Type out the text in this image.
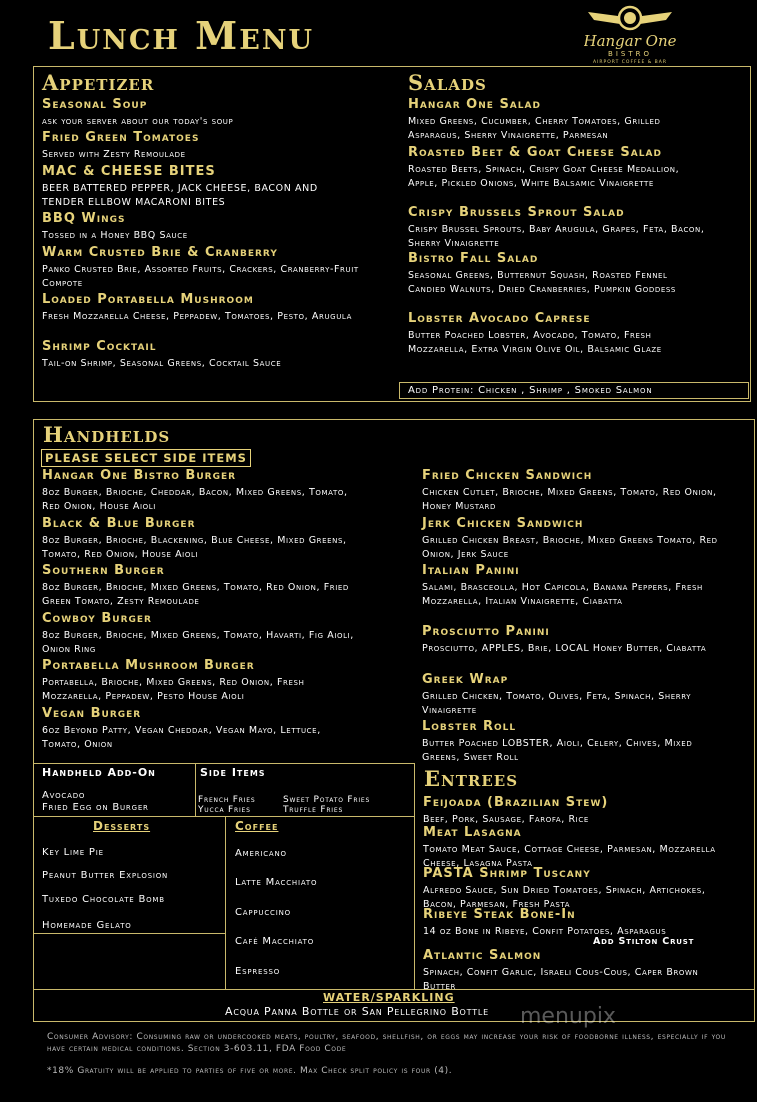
Lunch Menu	Hangar One
BISTRO
AIRPORT COFFEE & BAR
Appetizer
Seasonal Soup
ask your server about our today's soup
Fried Green Tomatoes
Served with Zesty Remoulade
MAC & CHEESE BITES
BEER BATTERED PEPPER, JACK CHEESE, BACON AND TENDER ELLBOW MACARONI BITES
BBQ Wings
Tossed in a Honey BBQ Sauce
Warm Crusted Brie & Cranberry
Panko Crusted Brie, Assorted Fruits, Crackers, Cranberry-Fruit Compote
Loaded Portabella Mushroom
Fresh Mozzarella Cheese, Peppadew, Tomatoes, Pesto, Arugula
Shrimp Cocktail
Tail-on Shrimp, Seasonal Greens, Cocktail Sauce
Salads
Hangar One Salad
Mixed Greens, Cucumber, Cherry Tomatoes, Grilled Asparagus, Sherry Vinaigrette, Parmesan
Roasted Beet & Goat Cheese Salad
Roasted Beets, Spinach, Crispy Goat Cheese Medallion, Apple, Pickled Onions, White Balsamic Vinaigrette
Crispy Brussels Sprout Salad
Crispy Brussel Sprouts, Baby Arugula, Grapes, Feta, Bacon, Sherry Vinaigrette
Bistro Fall Salad
Seasonal Greens, Butternut Squash, Roasted Fennel Candied Walnuts, Dried Cranberries, Pumpkin Goddess
Lobster Avocado Caprese
Butter Poached Lobster, Avocado, Tomato, Fresh Mozzarella, Extra Virgin Olive Oil, Balsamic Glaze
Add Protein: Chicken , Shrimp , Smoked Salmon
Handhelds
PLEASE SELECT SIDE ITEMS
Hangar One Bistro Burger
8oz Burger, Brioche, Cheddar, Bacon, Mixed Greens, Tomato, Red Onion, House Aioli
Black & Blue Burger
8oz Burger, Brioche, Blackening, Blue Cheese, Mixed Greens, Tomato, Red Onion, House Aioli
Southern Burger
8oz Burger, Brioche, Mixed Greens, Tomato, Red Onion, Fried Green Tomato, Zesty Remoulade
Cowboy Burger
8oz Burger, Brioche, Mixed Greens, Tomato, Havarti, Fig Aioli, Onion Ring
Portabella Mushroom Burger
Portabella, Brioche, Mixed Greens, Red Onion, Fresh Mozzarella, Peppadew, Pesto House Aioli
Vegan Burger
6oz Beyond Patty, Vegan Cheddar, Vegan Mayo, Lettuce, Tomato, Onion
Fried Chicken Sandwich
Chicken Cutlet, Brioche, Mixed Greens, Tomato, Red Onion, Honey Mustard
Jerk Chicken Sandwich
Grilled Chicken Breast, Brioche, Mixed Greens Tomato, Red Onion, Jerk Sauce
Italian Panini
Salami, Brasceolla, Hot Capicola, Banana Peppers, Fresh Mozzarella, Italian Vinaigrette, Ciabatta
Prosciutto Panini
Prosciutto, APPLES, Brie, LOCAL Honey Butter, Ciabatta
Greek Wrap
Grilled Chicken, Tomato, Olives, Feta, Spinach, Sherry Vinaigrette
Lobster Roll
Butter Poached LOBSTER, Aioli, Celery, Chives, Mixed Greens, Sweet Roll
Handheld Add-On
Avocado
Fried Egg on Burger
Side Items
French Fries	Sweet Potato Fries
Yucca Fries	Truffle Fries
Desserts
Key Lime Pie
Peanut Butter Explosion
Tuxedo Chocolate Bomb
Homemade Gelato
Coffee
Americano
Latte Macchiato
Cappuccino
Café Macchiato
Espresso
Entrees
Feijoada (Brazilian Stew)
Beef, Pork, Sausage, Farofa, Rice
Meat Lasagna
Tomato Meat Sauce, Cottage Cheese, Parmesan, Mozzarella Cheese, Lasagna Pasta
PASTA Shrimp Tuscany
Alfredo Sauce, Sun Dried Tomatoes, Spinach, Artichokes, Bacon, Parmesan, Fresh Pasta
Ribeye Steak Bone-In
14 oz Bone in Ribeye, Confit Potatoes, Asparagus
Atlantic Salmon
Spinach, Confit Garlic, Israeli Cous-Cous, Caper Brown Butter
Add Stilton Crust
WATER/SPARKLING
Acqua Panna Bottle or San Pellegrino Bottle menupix
Consumer Advisory: Consuming raw or undercooked meats, poultry, seafood, shellfish, or eggs may increase your risk of foodborne illness, especially if you have certain medical conditions. Section 3-603.11, FDA Food Code
*18% Gratuity will be applied to parties of five or more. Max Check split policy is four (4).
